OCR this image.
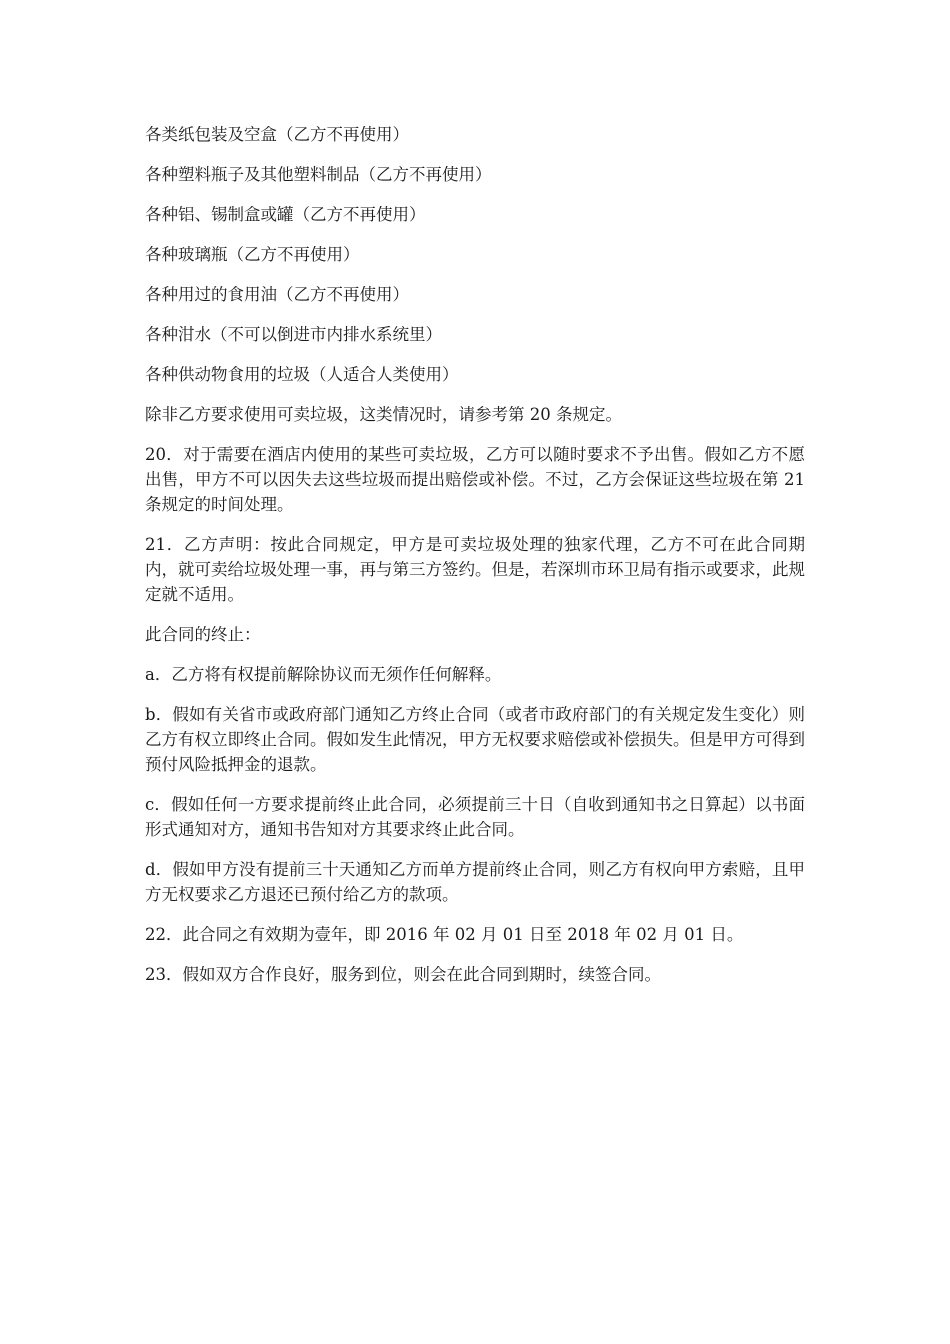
各类纸包装及空盒（乙方不再使用）

各种塑料瓶子及其他塑料制品（乙方不再使用）

各种铝、锡制盒或罐（乙方不再使用）

各种玻璃瓶（乙方不再使用）

各种用过的食用油（乙方不再使用）

各种泔水（不可以倒进市内排水系统里）

各种供动物食用的垃圾（人适合人类使用）

除非乙方要求使用可卖垃圾，这类情况时，请参考第 20 条规定。

20．对于需要在酒店内使用的某些可卖垃圾，乙方可以随时要求不予出售。假如乙方不愿出售，甲方不可以因失去这些垃圾而提出赔偿或补偿。不过，乙方会保证这些垃圾在第 21 条规定的时间处理。

21．乙方声明：按此合同规定，甲方是可卖垃圾处理的独家代理，乙方不可在此合同期内，就可卖给垃圾处理一事，再与第三方签约。但是，若深圳市环卫局有指示或要求，此规定就不适用。

此合同的终止：

a．乙方将有权提前解除协议而无须作任何解释。

b．假如有关省市或政府部门通知乙方终止合同（或者市政府部门的有关规定发生变化）则乙方有权立即终止合同。假如发生此情况，甲方无权要求赔偿或补偿损失。但是甲方可得到预付风险抵押金的退款。

c．假如任何一方要求提前终止此合同，必须提前三十日（自收到通知书之日算起）以书面形式通知对方，通知书告知对方其要求终止此合同。

d．假如甲方没有提前三十天通知乙方而单方提前终止合同，则乙方有权向甲方索赔，且甲方无权要求乙方退还已预付给乙方的款项。

22．此合同之有效期为壹年，即 2016 年 02 月 01 日至 2018 年 02 月 01 日。

23．假如双方合作良好，服务到位，则会在此合同到期时，续签合同。
